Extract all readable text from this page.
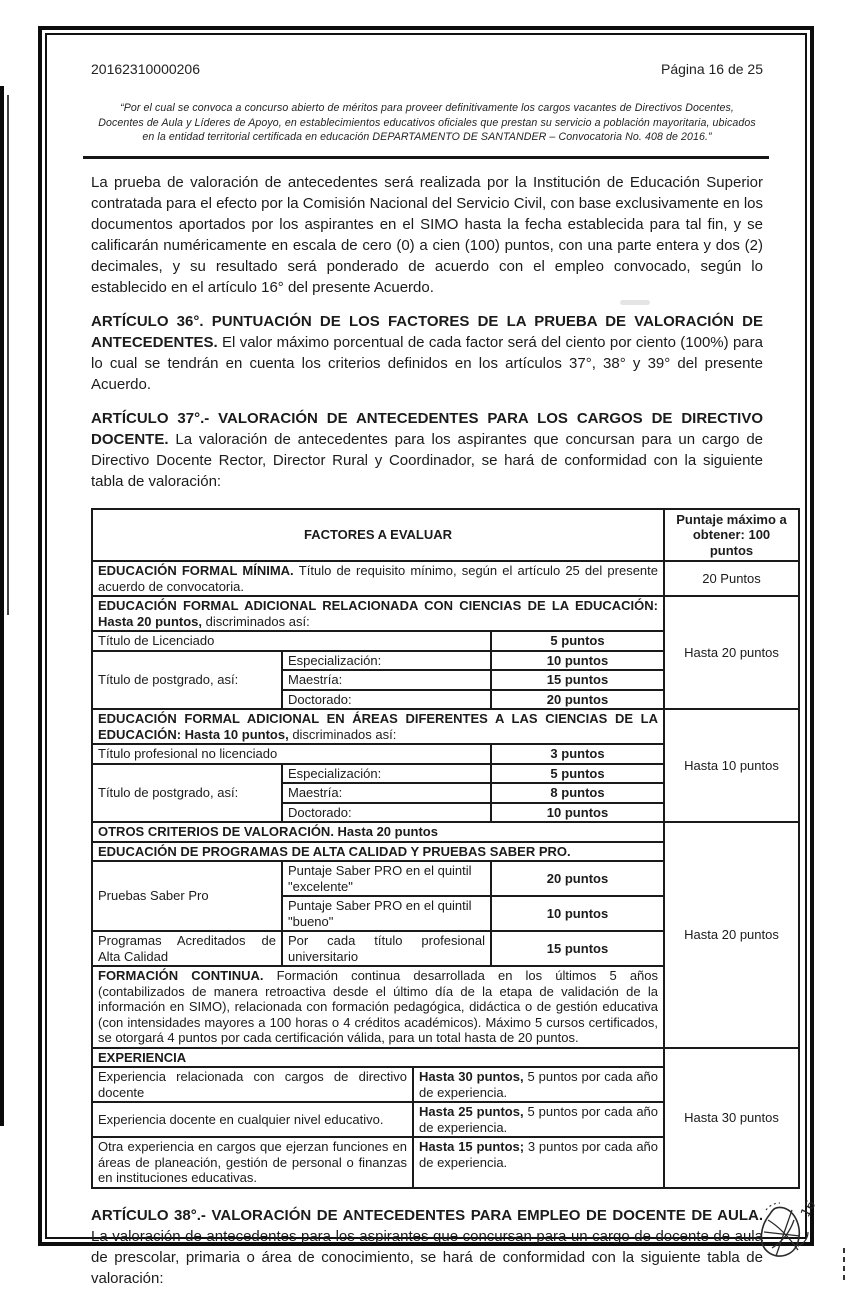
20162310000206	Página 16 de 25

“Por el cual se convoca a concurso abierto de méritos para proveer definitivamente los cargos vacantes de Directivos Docentes, Docentes de Aula y Líderes de Apoyo, en establecimientos educativos oficiales que prestan su servicio a población mayoritaria, ubicados en la entidad territorial certificada en educación DEPARTAMENTO DE SANTANDER – Convocatoria No. 408 de 2016.”

La prueba de valoración de antecedentes será realizada por la Institución de Educación Superior contratada para el efecto por la Comisión Nacional del Servicio Civil, con base exclusivamente en los documentos aportados por los aspirantes en el SIMO hasta la fecha establecida para tal fin, y se calificarán numéricamente en escala de cero (0) a cien (100) puntos, con una parte entera y dos (2) decimales, y su resultado será ponderado de acuerdo con el empleo convocado, según lo establecido en el artículo 16° del presente Acuerdo.

ARTÍCULO 36°. PUNTUACIÓN DE LOS FACTORES DE LA PRUEBA DE VALORACIÓN DE ANTECEDENTES. El valor máximo porcentual de cada factor será del ciento por ciento (100%) para lo cual se tendrán en cuenta los criterios definidos en los artículos 37°, 38° y 39° del presente Acuerdo.

ARTÍCULO 37°.- VALORACIÓN DE ANTECEDENTES PARA LOS CARGOS DE DIRECTIVO DOCENTE. La valoración de antecedentes para los aspirantes que concursan para un cargo de Directivo Docente Rector, Director Rural y Coordinador, se hará de conformidad con la siguiente tabla de valoración:

FACTORES A EVALUAR				Puntaje máximo a obtener: 100 puntos
EDUCACIÓN FORMAL MÍNIMA. Título de requisito mínimo, según el artículo 25 del presente acuerdo de convocatoria.				20 Puntos
EDUCACIÓN FORMAL ADICIONAL RELACIONADA CON CIENCIAS DE LA EDUCACIÓN: Hasta 20 puntos, discriminados así:				Hasta 20 puntos
Título de Licenciado			5 puntos	
Título de postgrado, así:	Especialización:		10 puntos	
	Maestría:		15 puntos	
	Doctorado:		20 puntos	
EDUCACIÓN FORMAL ADICIONAL EN ÁREAS DIFERENTES A LAS CIENCIAS DE LA EDUCACIÓN: Hasta 10 puntos, discriminados así:				Hasta 10 puntos
Título profesional no licenciado			3 puntos	
Título de postgrado, así:	Especialización:		5 puntos	
	Maestría:		8 puntos	
	Doctorado:		10 puntos	
OTROS CRITERIOS DE VALORACIÓN. Hasta 20 puntos				Hasta 20 puntos
EDUCACIÓN DE PROGRAMAS DE ALTA CALIDAD Y PRUEBAS SABER PRO.				
Pruebas Saber Pro	Puntaje Saber PRO en el quintil "excelente"		20 puntos	
	Puntaje Saber PRO en el quintil "bueno"		10 puntos	
Programas Acreditados de Alta Calidad	Por cada título profesional universitario		15 puntos	
FORMACIÓN CONTINUA. Formación continua desarrollada en los últimos 5 años (contabilizados de manera retroactiva desde el último día de la etapa de validación de la información en SIMO), relacionada con formación pedagógica, didáctica o de gestión educativa (con intensidades mayores a 100 horas o 4 créditos académicos). Máximo 5 cursos certificados, se otorgará 4 puntos por cada certificación válida, para un total hasta de 20 puntos.				
EXPERIENCIA				Hasta 30 puntos
Experiencia relacionada con cargos de directivo docente		Hasta 30 puntos, 5 puntos por cada año de experiencia.		
Experiencia docente en cualquier nivel educativo.		Hasta 25 puntos, 5 puntos por cada año de experiencia.		
Otra experiencia en cargos que ejerzan funciones en áreas de planeación, gestión de personal o finanzas en instituciones educativas.		Hasta 15 puntos; 3 puntos por cada año de experiencia.		

ARTÍCULO 38°.- VALORACIÓN DE ANTECEDENTES PARA EMPLEO DE DOCENTE DE AULA. La valoración de antecedentes para los aspirantes que concursan para un cargo de docente de aula de prescolar, primaria o área de conocimiento, se hará de conformidad con la siguiente tabla de valoración:

16
